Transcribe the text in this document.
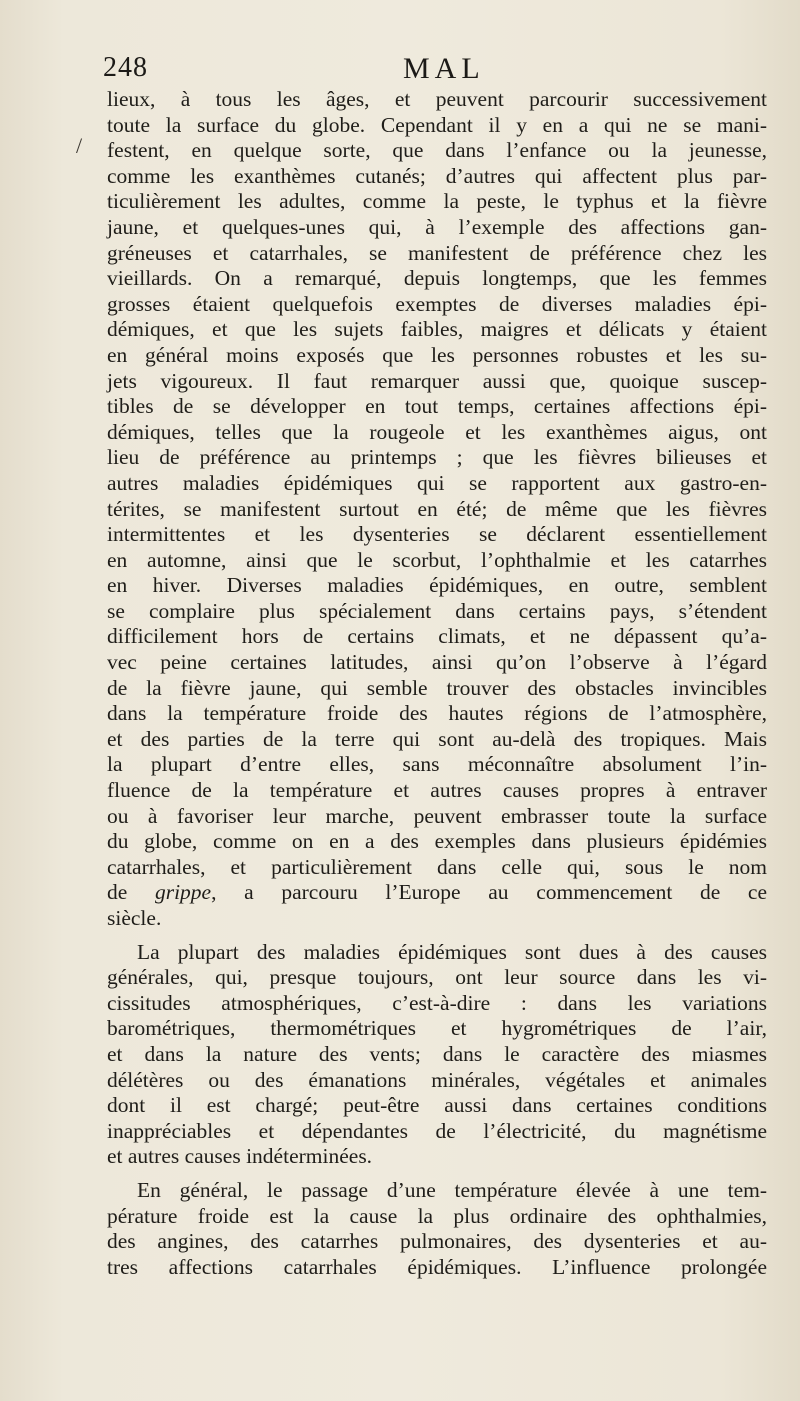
248	MAL
/
lieux, à tous les âges, et peuvent parcourir successivement
toute la surface du globe. Cependant il y en a qui ne se mani-
festent, en quelque sorte, que dans l’enfance ou la jeunesse,
comme les exanthèmes cutanés; d’autres qui affectent plus par-
ticulièrement les adultes, comme la peste, le typhus et la fièvre
jaune, et quelques-unes qui, à l’exemple des affections gan-
gréneuses et catarrhales, se manifestent de préférence chez les
vieillards. On a remarqué, depuis longtemps, que les femmes
grosses étaient quelquefois exemptes de diverses maladies épi-
démiques, et que les sujets faibles, maigres et délicats y étaient
en général moins exposés que les personnes robustes et les su-
jets vigoureux. Il faut remarquer aussi que, quoique suscep-
tibles de se développer en tout temps, certaines affections épi-
démiques, telles que la rougeole et les exanthèmes aigus, ont
lieu de préférence au printemps ; que les fièvres bilieuses et
autres maladies épidémiques qui se rapportent aux gastro-en-
térites, se manifestent surtout en été; de même que les fièvres
intermittentes et les dysenteries se déclarent essentiellement
en automne, ainsi que le scorbut, l’ophthalmie et les catarrhes
en hiver. Diverses maladies épidémiques, en outre, semblent
se complaire plus spécialement dans certains pays, s’étendent
difficilement hors de certains climats, et ne dépassent qu’a-
vec peine certaines latitudes, ainsi qu’on l’observe à l’égard
de la fièvre jaune, qui semble trouver des obstacles invincibles
dans la température froide des hautes régions de l’atmosphère,
et des parties de la terre qui sont au-delà des tropiques. Mais
la plupart d’entre elles, sans méconnaître absolument l’in-
fluence de la température et autres causes propres à entraver
ou à favoriser leur marche, peuvent embrasser toute la surface
du globe, comme on en a des exemples dans plusieurs épidémies
catarrhales, et particulièrement dans celle qui, sous le nom
de grippe, a parcouru l’Europe au commencement de ce
siècle.
La plupart des maladies épidémiques sont dues à des causes
générales, qui, presque toujours, ont leur source dans les vi-
cissitudes atmosphériques, c’est-à-dire : dans les variations
barométriques, thermométriques et hygrométriques de l’air,
et dans la nature des vents; dans le caractère des miasmes
délétères ou des émanations minérales, végétales et animales
dont il est chargé; peut-être aussi dans certaines conditions
inappréciables et dépendantes de l’électricité, du magnétisme
et autres causes indéterminées.
En général, le passage d’une température élevée à une tem-
pérature froide est la cause la plus ordinaire des ophthalmies,
des angines, des catarrhes pulmonaires, des dysenteries et au-
tres affections catarrhales épidémiques. L’influence prolongée
